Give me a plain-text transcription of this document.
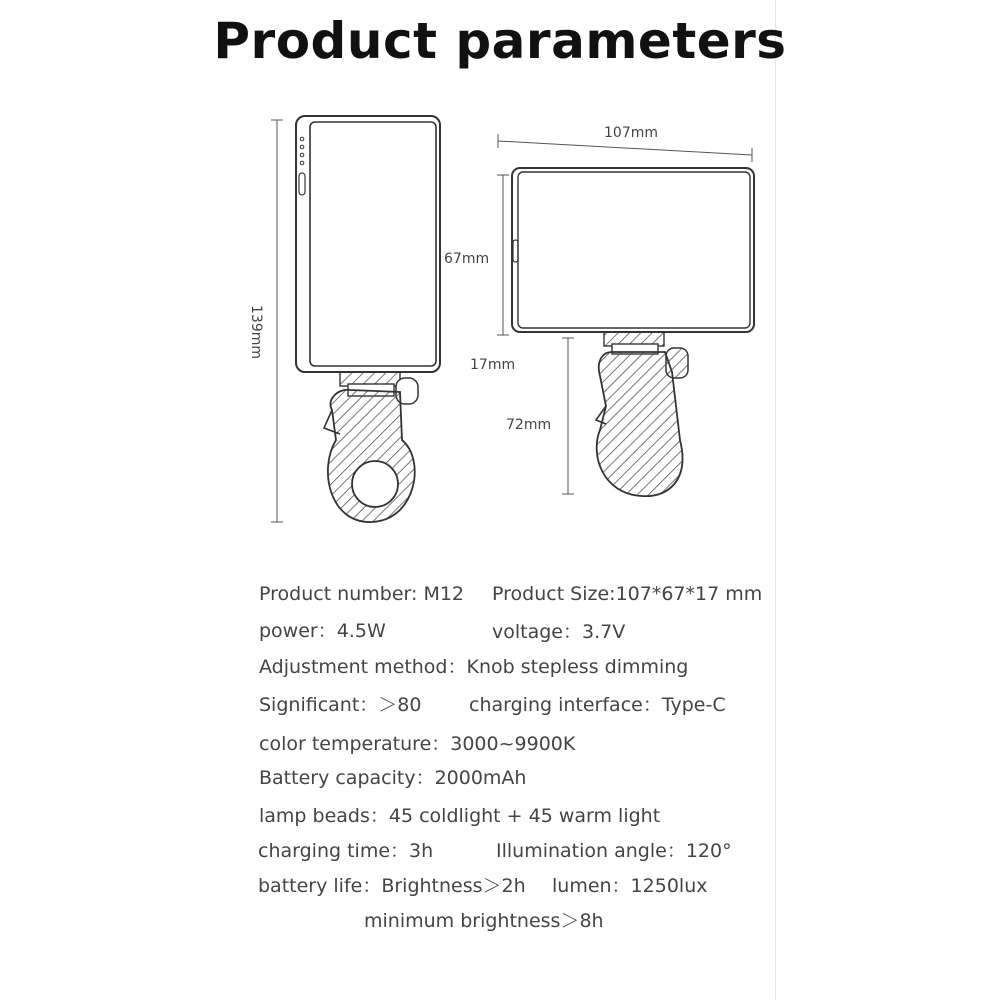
Product parameters
139mm
107mm
67mm
17mm
72mm
Product number: M12 Product Size:107*67*17 mm
power：4.5W	voltage：3.7V
Adjustment method：Knob stepless dimming
Significant：＞80	charging interface：Type-C
color temperature：3000~9900K
Battery capacity：2000mAh
lamp beads：45 coldlight + 45 warm light
charging time：3h	Illumination angle：120°
battery life：Brightness＞2h lumen：1250lux
minimum brightness＞8h
